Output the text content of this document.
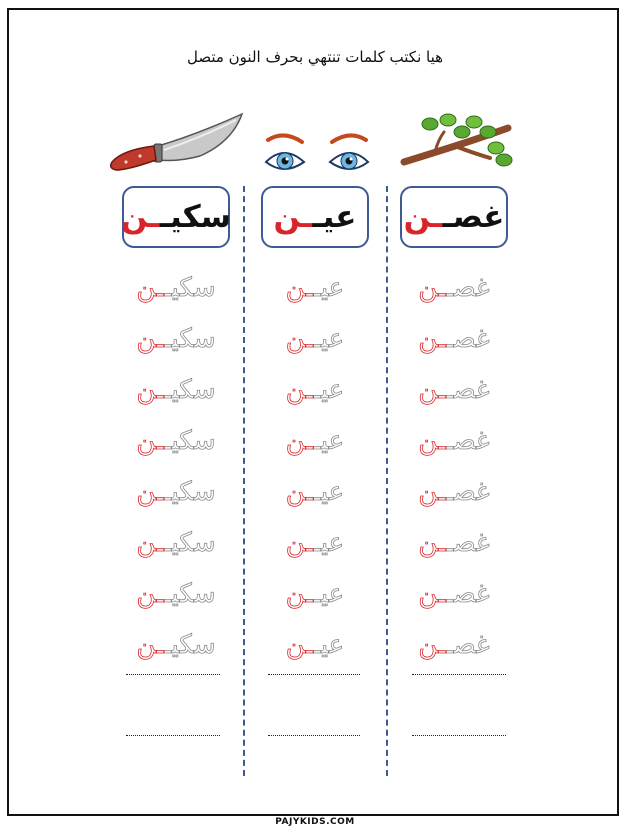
هيا نكتب كلمات تنتهي بحرف النون متصل
غصـ
ـن
عيـ
ـن
سكيـ
ـن
غصـ
ـن
غصـ
ـن
غصـ
ـن
غصـ
ـن
غصـ
ـن
غصـ
ـن
غصـ
ـن
غصـ
ـن
عيـ
ـن
عيـ
ـن
عيـ
ـن
عيـ
ـن
عيـ
ـن
عيـ
ـن
عيـ
ـن
عيـ
ـن
سكيـ
ـن
سكيـ
ـن
سكيـ
ـن
سكيـ
ـن
سكيـ
ـن
سكيـ
ـن
سكيـ
ـن
سكيـ
ـن
PAJYKIDS.COM
